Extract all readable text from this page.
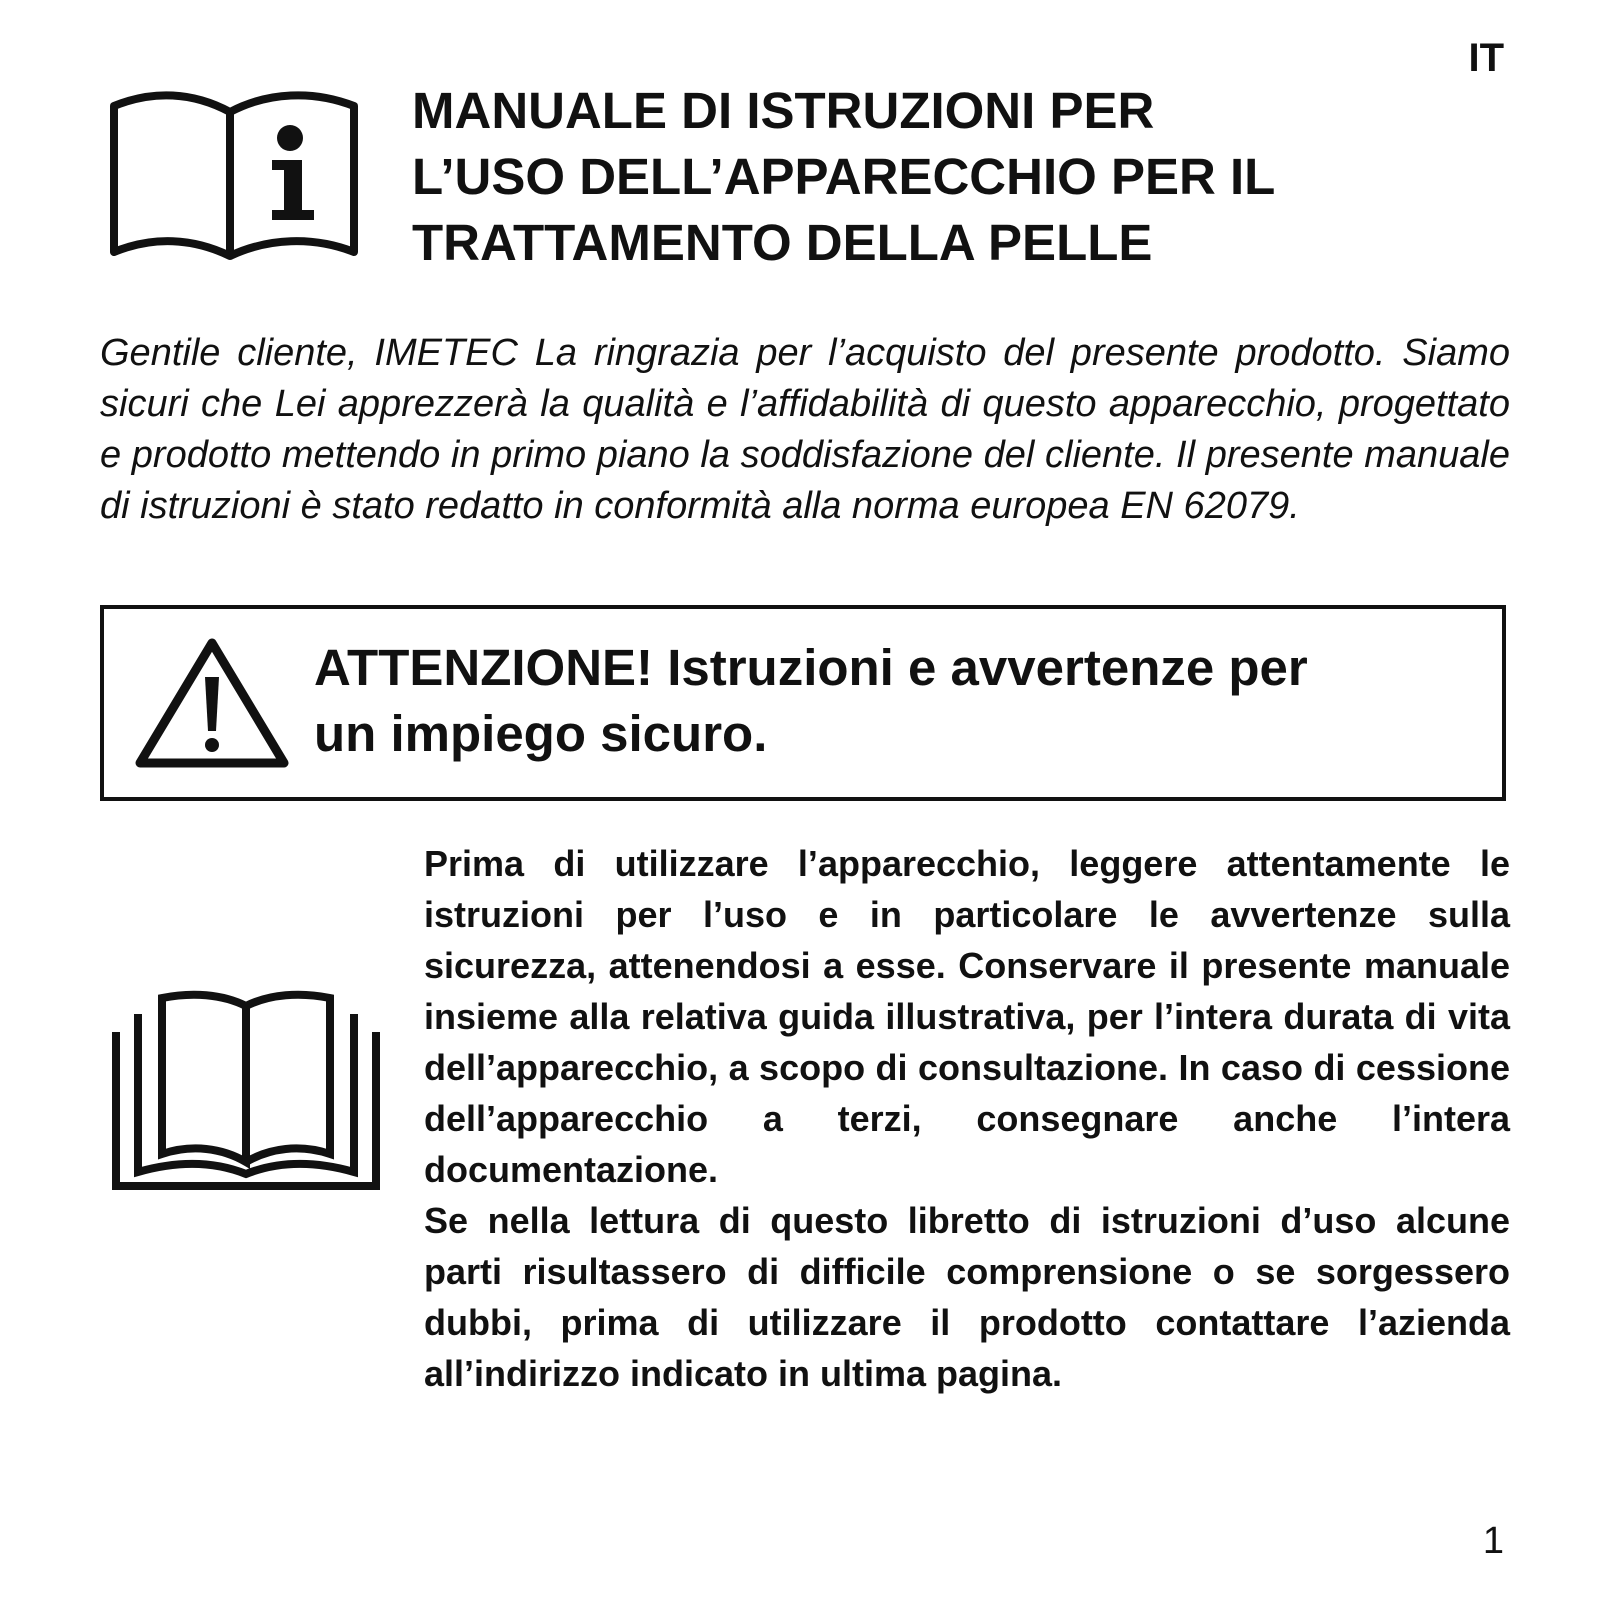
IT
MANUALE DI ISTRUZIONI PER
L’USO DELL’APPARECCHIO PER IL
TRATTAMENTO DELLA PELLE

Gentile cliente, IMETEC La ringrazia per l’acquisto del presente prodotto. Siamo sicuri che Lei apprezzerà la qualità e l’affidabilità di questo apparecchio, progettato e prodotto mettendo in primo piano la soddisfazione del cliente. Il presente manuale di istruzioni è stato redatto in conformità alla norma europea EN 62079.

ATTENZIONE! Istruzioni e avvertenze per
un impiego sicuro.

Prima di utilizzare l’apparecchio, leggere attentamente le istruzioni per l’uso e in particolare le avvertenze sulla sicurezza, attenendosi a esse. Conservare il presente manuale insieme alla relativa guida illustrativa, per l’intera durata di vita dell’apparecchio, a scopo di consultazione. In caso di cessione dell’apparecchio a terzi, consegnare anche l’intera documentazione.

Se nella lettura di questo libretto di istruzioni d’uso alcune parti risultassero di difficile comprensione o se sorgessero dubbi, prima di utilizzare il prodotto contattare l’azienda all’indirizzo indicato in ultima pagina.

1
